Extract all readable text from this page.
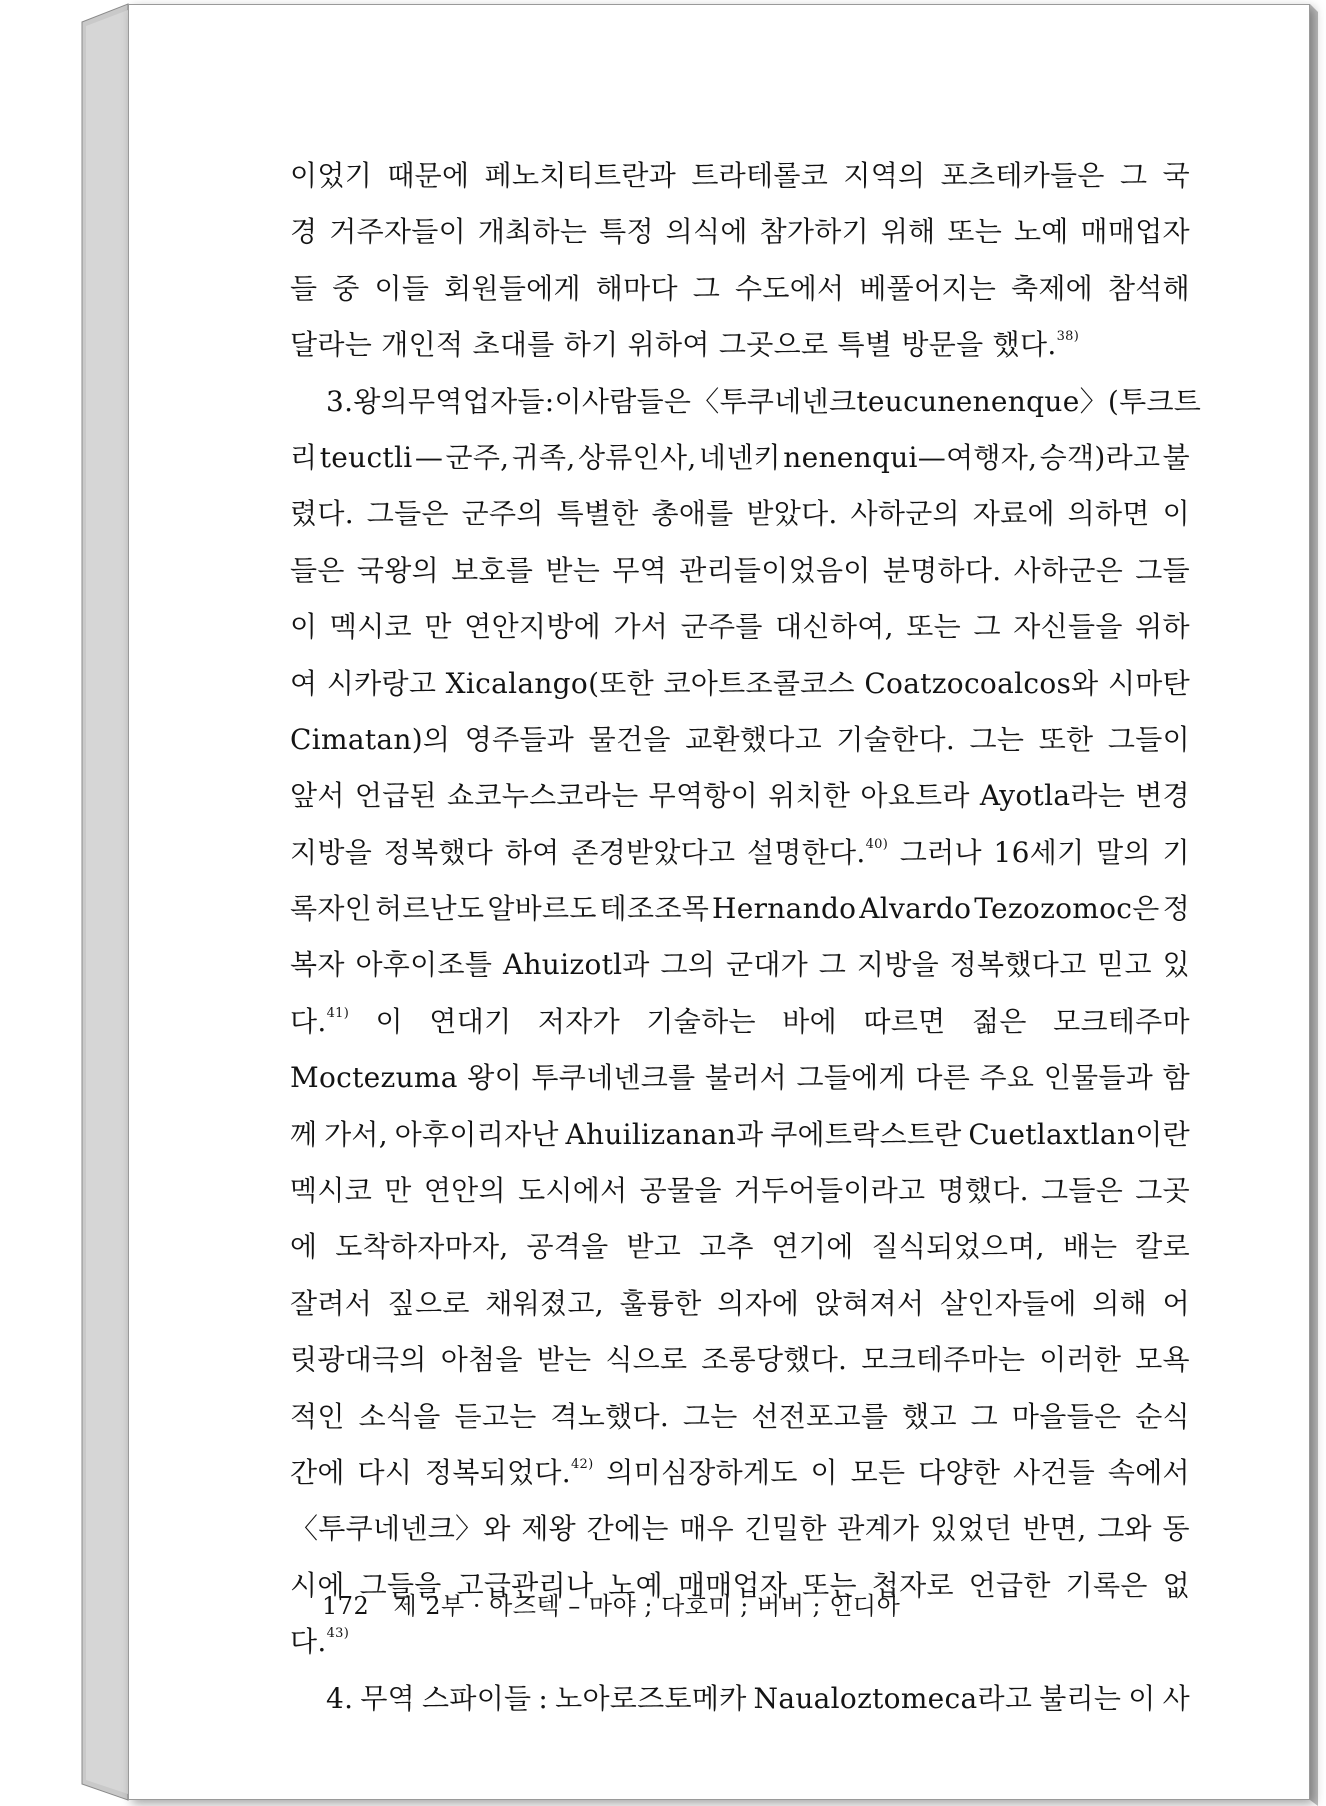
이었기 때문에 페노치티트란과 트라테롤코 지역의 포츠테카들은 그 국
경 거주자들이 개최하는 특정 의식에 참가하기 위해 또는 노예 매매업자
들 중 이들 회원들에게 해마다 그 수도에서 베풀어지는 축제에 참석해
달라는
개인적
초대를
하기
위하여
그곳으로
특별
방문을
했다.$^{38)}$
3. 왕의 무역업자들 : 이 사람들은 〈투쿠네넨크 teucunenenque〉(투크트
리 teuctli — 군주, 귀족, 상류인사, 네넨키 nenenqui—여행자, 승객)라고 불
렸다. 그들은 군주의 특별한 총애를 받았다. 사하군의 자료에 의하면 이
들은 국왕의 보호를 받는 무역 관리들이었음이 분명하다. 사하군은 그들
이 멕시코 만 연안지방에 가서 군주를 대신하여, 또는 그 자신들을 위하
여 시카랑고 Xicalango(또한 코아트조콜코스 Coatzocoalcos와 시마탄
Cimatan)의 영주들과 물건을 교환했다고 기술한다. 그는 또한 그들이
앞서 언급된 쇼코누스코라는 무역항이 위치한 아요트라 Ayotla라는 변경
지방을 정복했다 하여 존경받았다고 설명한다.$^{40)}$ 그러나 16세기 말의 기
록자인 허르난도 알바르도 테조조목 Hernando Alvardo Tezozomoc은 정
복자 아후이조틀 Ahuizotl과 그의 군대가 그 지방을 정복했다고 믿고 있
다.$^{41)}$ 이 연대기 저자가 기술하는 바에 따르면 젊은 모크테주마
Moctezuma 왕이 투쿠네넨크를 불러서 그들에게 다른 주요 인물들과 함
께 가서, 아후이리자난 Ahuilizanan과 쿠에트락스트란 Cuetlaxtlan이란
멕시코 만 연안의 도시에서 공물을 거두어들이라고 명했다. 그들은 그곳
에 도착하자마자, 공격을 받고 고추 연기에 질식되었으며, 배는 칼로
잘려서 짚으로 채워졌고, 훌륭한 의자에 앉혀져서 살인자들에 의해 어
릿광대극의 아첨을 받는 식으로 조롱당했다. 모크테주마는 이러한 모욕
적인 소식을 듣고는 격노했다. 그는 선전포고를 했고 그 마을들은 순식
간에 다시 정복되었다.$^{42)}$ 의미심장하게도 이 모든 다양한 사건들 속에서
〈투쿠네넨크〉와 제왕 간에는 매우 긴밀한 관계가 있었던 반면, 그와 동
시에 그들을 고급관리나 노예 매매업자 또는 첩자로 언급한 기록은 없
다.$^{43)}$
4. 무역 스파이들 : 노아로즈토메카 Naualoztomeca라고 불리는 이 사
172 제 2부 · 아즈텍 – 마야 ; 다호미 ; 버버 ; 인디아
